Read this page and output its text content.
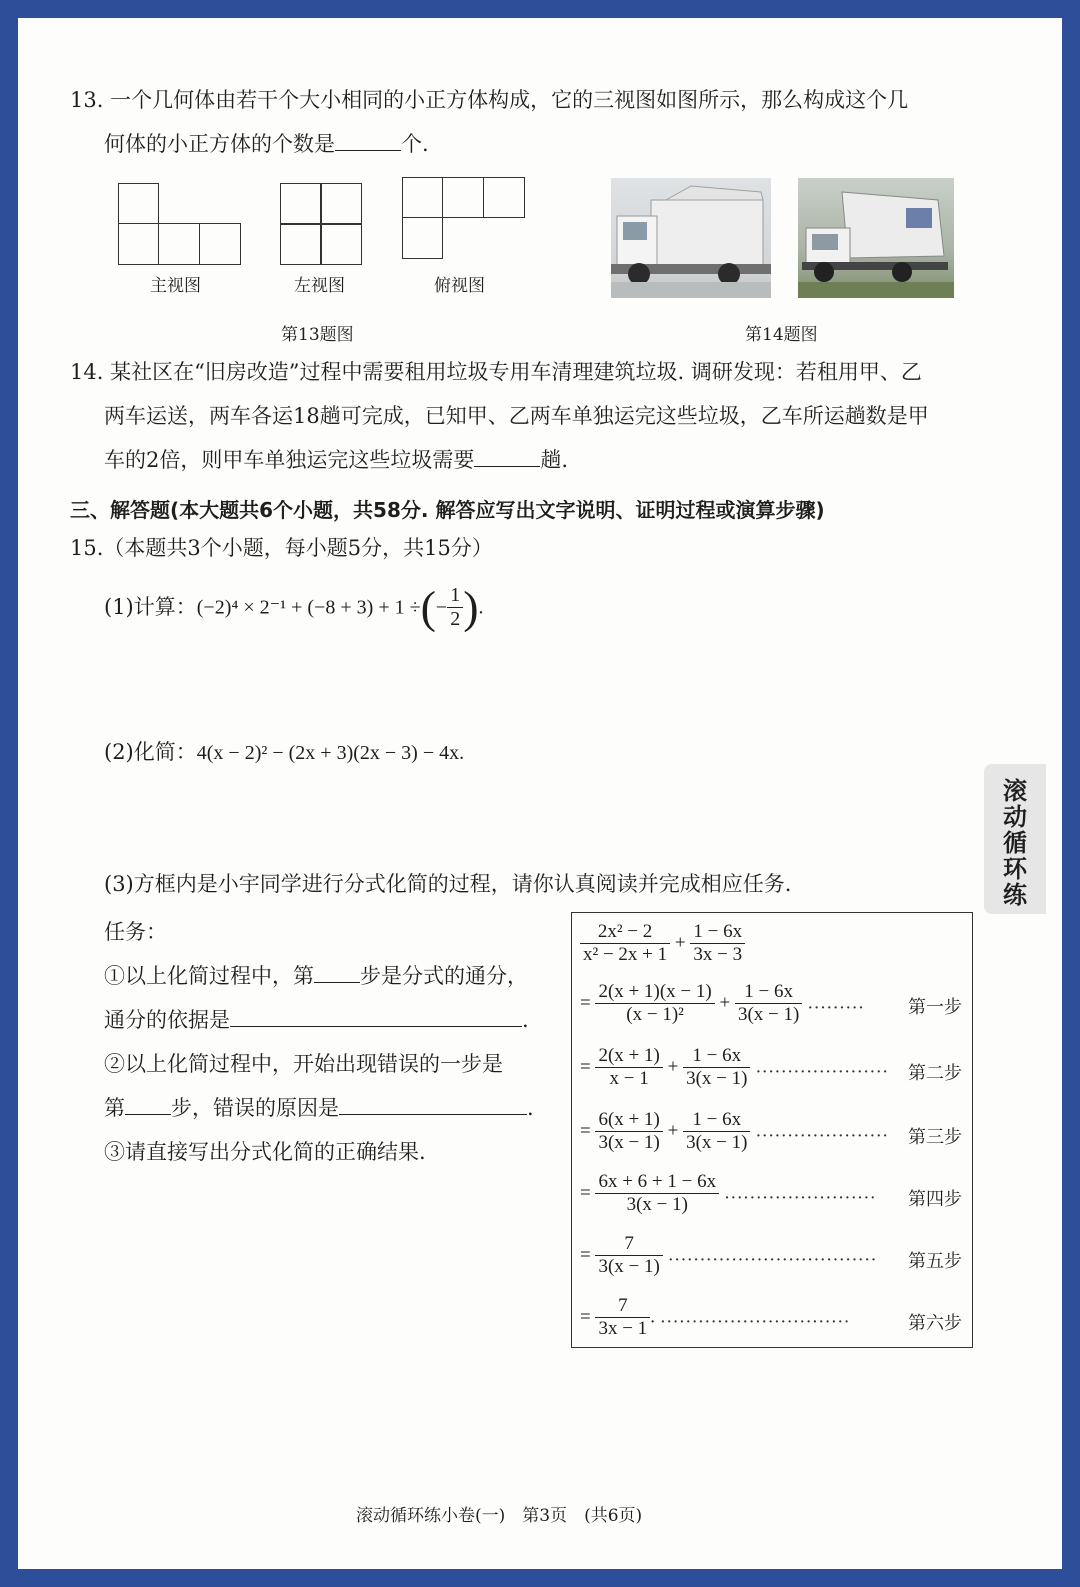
13. 一个几何体由若干个大小相同的小正方体构成，它的三视图如图所示，那么构成这个几
何体的小正方体的个数是	个.
主视图	左视图	俯视图
第13题图	第14题图
14. 某社区在“旧房改造”过程中需要租用垃圾专用车清理建筑垃圾. 调研发现：若租用甲、乙
两车运送，两车各运18趟可完成，已知甲、乙两车单独运完这些垃圾，乙车所运趟数是甲
车的2倍，则甲车单独运完这些垃圾需要	趟.
三、解答题(本大题共6个小题，共58分. 解答应写出文字说明、证明过程或演算步骤)
15.（本题共3个小题，每小题5分，共15分）
(1)计算：(−2)⁴ × 2⁻¹ + (−8 + 3) + 1 ÷(− $\frac{1}{2}$ ).
(2)化简：4(x − 2)² − (2x + 3)(2x − 3) − 4x.
(3)方框内是小宇同学进行分式化简的过程，请你认真阅读并完成相应任务.
任务：
①以上化简过程中，第 步是分式的通分，
通分的依据是	.
②以上化简过程中，开始出现错误的一步是
第 步，错误的原因是	.
③请直接写出分式化简的正确结果.
$\frac{\text{2x² − 2}}{\text{x² − 2x + 1}} + \frac{1 - 6x}{3x - 3}$
= $\frac{2(x + 1)(x - 1)}{\text{(x − 1)²}} + \frac{1 - 6x}{3(x - 1)}$ ……… 第一步
= $\frac{2(x + 1)}{x - 1} + \frac{1 - 6x}{3(x - 1)}$ ………………… 第二步
= $\frac{6(x + 1)}{3(x - 1)} + \frac{1 - 6x}{3(x - 1)}$ ………………… 第三步
= $\frac{6x + 6 + 1 - 6x}{3(x - 1)}$ …………………… 第四步
= $\frac{7}{3(x - 1)}$ …………………………… 第五步
= $\frac{7}{3x - 1}$ . …………………………	第六步
滚动循环练
滚动循环练小卷(一)　第3页　(共6页)
